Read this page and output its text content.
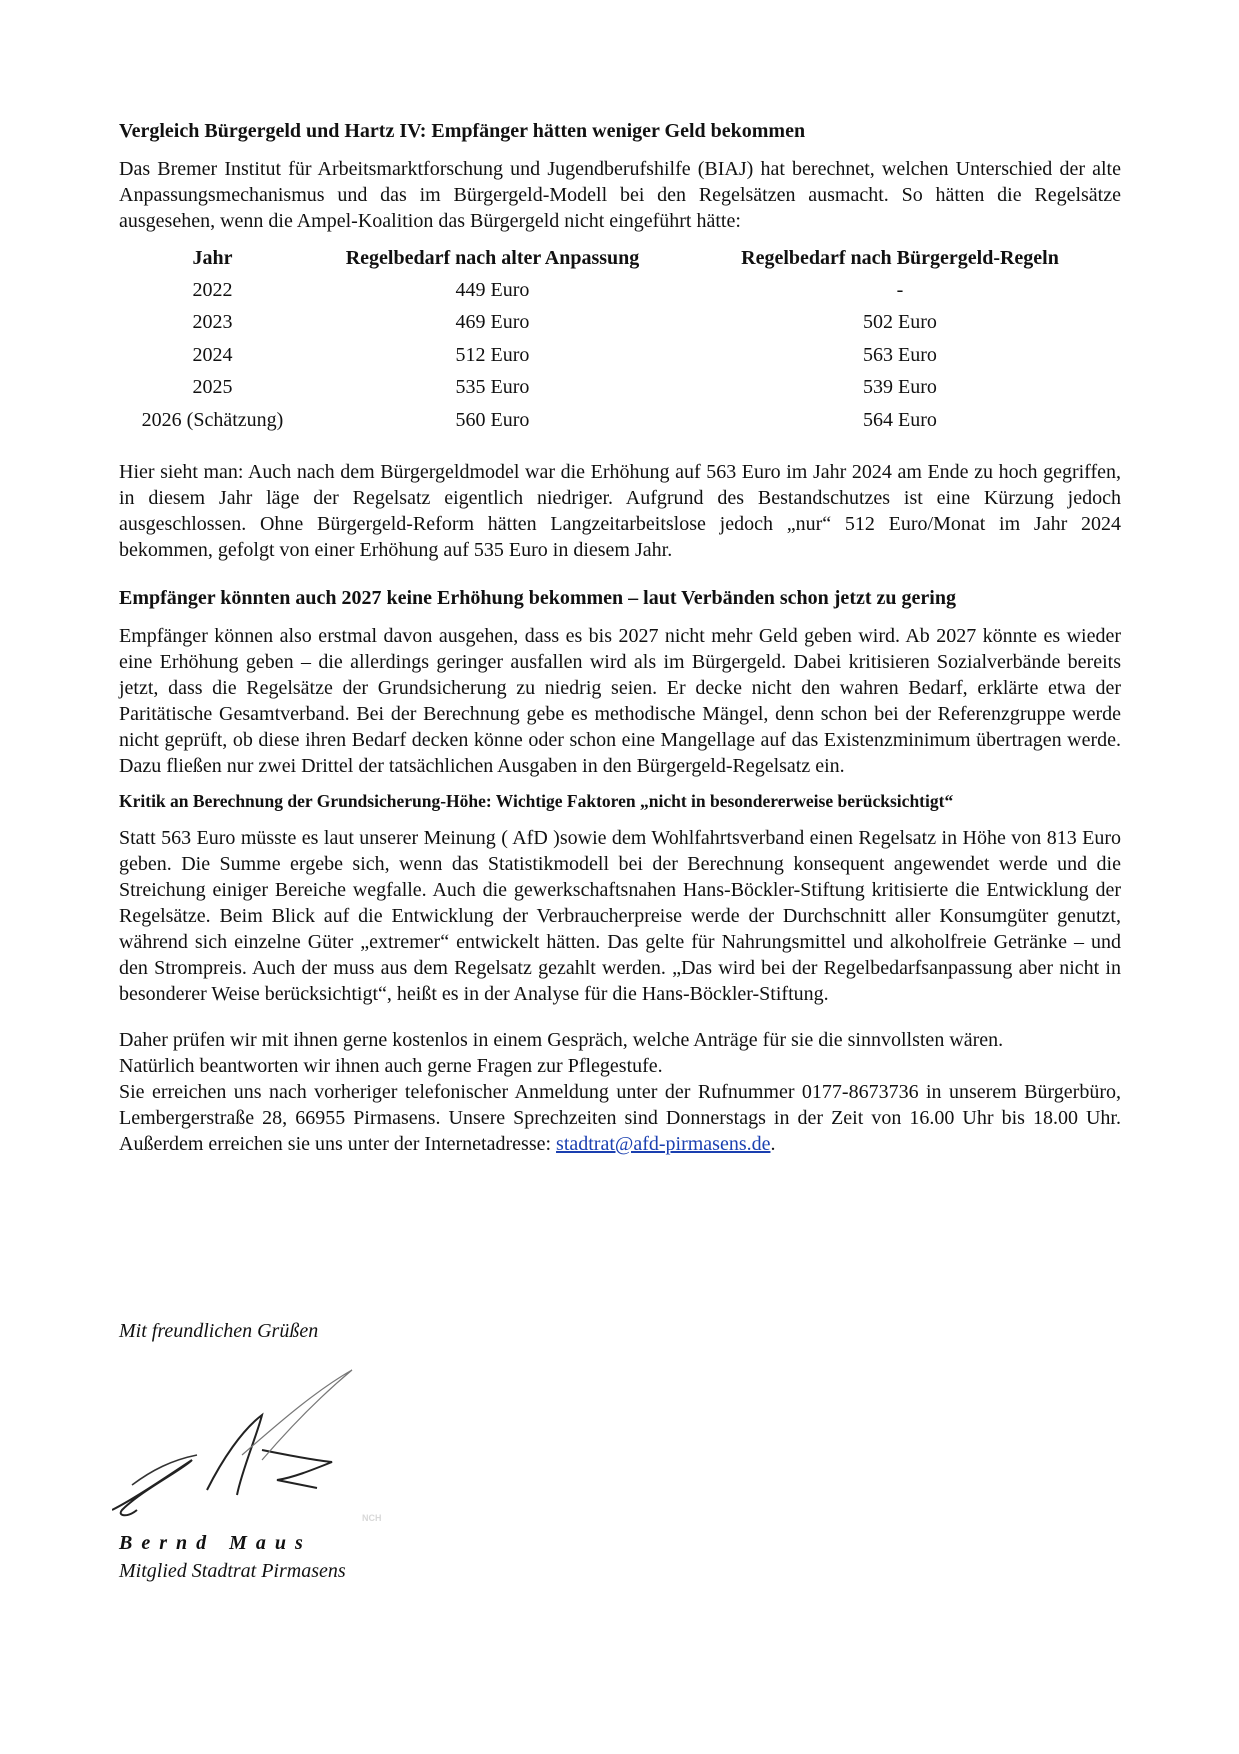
Vergleich Bürgergeld und Hartz IV: Empfänger hätten weniger Geld bekommen

Das Bremer Institut für Arbeitsmarktforschung und Jugendberufshilfe (BIAJ) hat berechnet, welchen Unterschied der alte Anpassungsmechanismus und das im Bürgergeld-Modell bei den Regelsätzen ausmacht. So hätten die Regelsätze ausgesehen, wenn die Ampel-Koalition das Bürgergeld nicht eingeführt hätte:

Jahr	Regelbedarf nach alter Anpassung	Regelbedarf nach Bürgergeld-Regeln
2022	449 Euro	-
2023	469 Euro	502 Euro
2024	512 Euro	563 Euro
2025	535 Euro	539 Euro
2026 (Schätzung)	560 Euro	564 Euro

Hier sieht man: Auch nach dem Bürgergeldmodel war die Erhöhung auf 563 Euro im Jahr 2024 am Ende zu hoch gegriffen, in diesem Jahr läge der Regelsatz eigentlich niedriger. Aufgrund des Bestandschutzes ist eine Kürzung jedoch ausgeschlossen. Ohne Bürgergeld-Reform hätten Langzeitarbeitslose jedoch „nur“ 512 Euro/Monat im Jahr 2024 bekommen, gefolgt von einer Erhöhung auf 535 Euro in diesem Jahr.

Empfänger könnten auch 2027 keine Erhöhung bekommen – laut Verbänden schon jetzt zu gering

Empfänger können also erstmal davon ausgehen, dass es bis 2027 nicht mehr Geld geben wird. Ab 2027 könnte es wieder eine Erhöhung geben – die allerdings geringer ausfallen wird als im Bürgergeld. Dabei kritisieren Sozialverbände bereits jetzt, dass die Regelsätze der Grundsicherung zu niedrig seien. Er decke nicht den wahren Bedarf, erklärte etwa der Paritätische Gesamtverband. Bei der Berechnung gebe es methodische Mängel, denn schon bei der Referenzgruppe werde nicht geprüft, ob diese ihren Bedarf decken könne oder schon eine Mangellage auf das Existenzminimum übertragen werde. Dazu fließen nur zwei Drittel der tatsächlichen Ausgaben in den Bürgergeld-Regelsatz ein.

Kritik an Berechnung der Grundsicherung-Höhe: Wichtige Faktoren „nicht in besondererweise berücksichtigt“

Statt 563 Euro müsste es laut unserer Meinung ( AfD )sowie dem Wohlfahrtsverband einen Regelsatz in Höhe von 813 Euro geben. Die Summe ergebe sich, wenn das Statistikmodell bei der Berechnung konsequent angewendet werde und die Streichung einiger Bereiche wegfalle. Auch die gewerkschaftsnahen Hans-Böckler-Stiftung kritisierte die Entwicklung der Regelsätze. Beim Blick auf die Entwicklung der Verbraucherpreise werde der Durchschnitt aller Konsumgüter genutzt, während sich einzelne Güter „extremer“ entwickelt hätten. Das gelte für Nahrungsmittel und alkoholfreie Getränke – und den Strompreis. Auch der muss aus dem Regelsatz gezahlt werden. „Das wird bei der Regelbedarfsanpassung aber nicht in besonderer Weise berücksichtigt“, heißt es in der Analyse für die Hans-Böckler-Stiftung.

Daher prüfen wir mit ihnen gerne kostenlos in einem Gespräch, welche Anträge für sie die sinnvollsten wären.

Natürlich beantworten wir ihnen auch gerne Fragen zur Pflegestufe.

Sie erreichen uns nach vorheriger telefonischer Anmeldung unter der Rufnummer 0177-8673736 in unserem Bürgerbüro, Lembergerstraße 28, 66955 Pirmasens. Unsere Sprechzeiten sind Donnerstags in der Zeit von 16.00 Uhr bis 18.00 Uhr. Außerdem erreichen sie uns unter der Internetadresse: stadtrat@afd-pirmasens.de.

Mit freundlichen Grüßen
NCH
Bernd Maus
Mitglied Stadtrat Pirmasens
